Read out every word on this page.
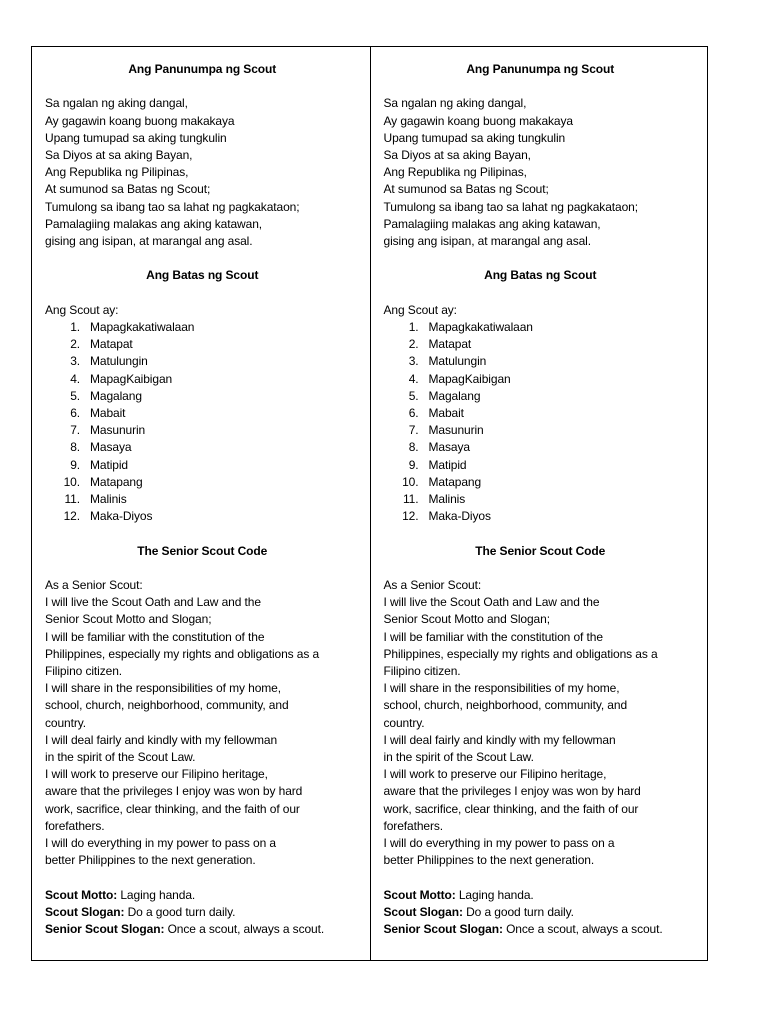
Ang Panunumpa ng Scout

Sa ngalan ng aking dangal,

Ay gagawin koang buong makakaya

Upang tumupad sa aking tungkulin

Sa Diyos at sa aking Bayan,

Ang Republika ng Pilipinas,

At sumunod sa Batas ng Scout;

Tumulong sa ibang tao sa lahat ng pagkakataon;

Pamalagiing malakas ang aking katawan,

gising ang isipan, at marangal ang asal.

Ang Batas ng Scout

Ang Scout ay:

1. Mapagkakatiwalaan
2. Matapat
3. Matulungin
4. MapagKaibigan
5. Magalang
6. Mabait
7. Masunurin
8. Masaya
9. Matipid
10. Matapang
11. Malinis
12. Maka-Diyos

The Senior Scout Code

As a Senior Scout:

I will live the Scout Oath and Law and the

Senior Scout Motto and Slogan;

I will be familiar with the constitution of the

Philippines, especially my rights and obligations as a

Filipino citizen.

I will share in the responsibilities of my home,

school, church, neighborhood, community, and

country.

I will deal fairly and kindly with my fellowman

in the spirit of the Scout Law.

I will work to preserve our Filipino heritage,

aware that the privileges I enjoy was won by hard

work, sacrifice, clear thinking, and the faith of our

forefathers.

I will do everything in my power to pass on a

better Philippines to the next generation.

Scout Motto: Laging handa.

Scout Slogan: Do a good turn daily.

Senior Scout Slogan: Once a scout, always a scout.

Ang Panunumpa ng Scout

Sa ngalan ng aking dangal,

Ay gagawin koang buong makakaya

Upang tumupad sa aking tungkulin

Sa Diyos at sa aking Bayan,

Ang Republika ng Pilipinas,

At sumunod sa Batas ng Scout;

Tumulong sa ibang tao sa lahat ng pagkakataon;

Pamalagiing malakas ang aking katawan,

gising ang isipan, at marangal ang asal.

Ang Batas ng Scout

Ang Scout ay:

1. Mapagkakatiwalaan
2. Matapat
3. Matulungin
4. MapagKaibigan
5. Magalang
6. Mabait
7. Masunurin
8. Masaya
9. Matipid
10. Matapang
11. Malinis
12. Maka-Diyos

The Senior Scout Code

As a Senior Scout:

I will live the Scout Oath and Law and the

Senior Scout Motto and Slogan;

I will be familiar with the constitution of the

Philippines, especially my rights and obligations as a

Filipino citizen.

I will share in the responsibilities of my home,

school, church, neighborhood, community, and

country.

I will deal fairly and kindly with my fellowman

in the spirit of the Scout Law.

I will work to preserve our Filipino heritage,

aware that the privileges I enjoy was won by hard

work, sacrifice, clear thinking, and the faith of our

forefathers.

I will do everything in my power to pass on a

better Philippines to the next generation.

Scout Motto: Laging handa.

Scout Slogan: Do a good turn daily.

Senior Scout Slogan: Once a scout, always a scout.
